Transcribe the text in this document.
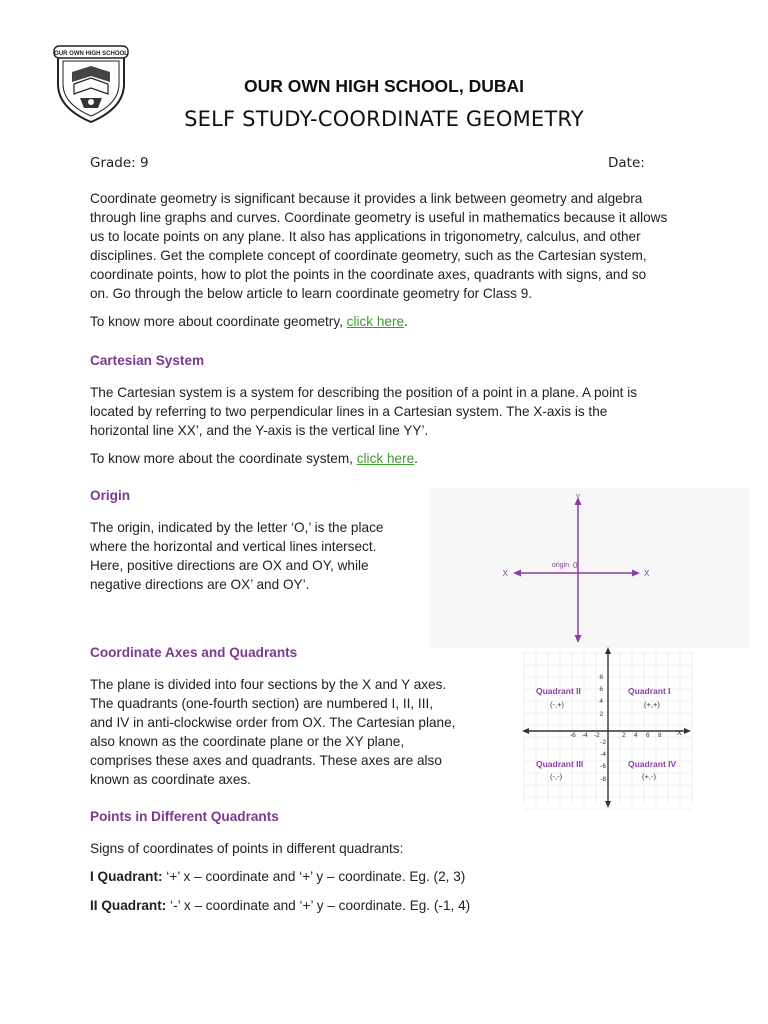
OUR OWN HIGH SCHOOL
OUR OWN HIGH SCHOOL, DUBAI
SELF STUDY-COORDINATE GEOMETRY
Grade: 9	Date:
Coordinate geometry is significant because it provides a link between geometry and algebra
through line graphs and curves. Coordinate geometry is useful in mathematics because it allows
us to locate points on any plane. It also has applications in trigonometry, calculus, and other
disciplines. Get the complete concept of coordinate geometry, such as the Cartesian system,
coordinate points, how to plot the points in the coordinate axes, quadrants with signs, and so
on. Go through the below article to learn coordinate geometry for Class 9.
To know more about coordinate geometry, click here.
Cartesian System
The Cartesian system is a system for describing the position of a point in a plane. A point is
located by referring to two perpendicular lines in a Cartesian system. The X-axis is the
horizontal line XX’, and the Y-axis is the vertical line YY’.
To know more about the coordinate system, click here.
Origin
The origin, indicated by the letter ‘O,’ is the place
where the horizontal and vertical lines intersect.
Here, positive directions are OX and OY, while
negative directions are OX’ and OY’.
Y
X
X
origin 0
Coordinate Axes and Quadrants
The plane is divided into four sections by the X and Y axes.
The quadrants (one-fourth section) are numbered I, II, III,
and IV in anti-clockwise order from OX. The Cartesian plane,
also known as the coordinate plane or the XY plane,
comprises these axes and quadrants. These axes are also
known as coordinate axes.
Quadrant II
(-,+)
Quadrant I
(+,+)
Quadrant III
(-,-)
Quadrant IV
(+,-)
-6 -4 -2	2 4 6 8 X
8
6
4
2
-2
-4
-6
-8
Points in Different Quadrants
Signs of coordinates of points in different quadrants:
I Quadrant: ‘+’ x – coordinate and ‘+’ y – coordinate. Eg. (2, 3)
II Quadrant: ‘-’ x – coordinate and ‘+’ y – coordinate. Eg. (-1, 4)
